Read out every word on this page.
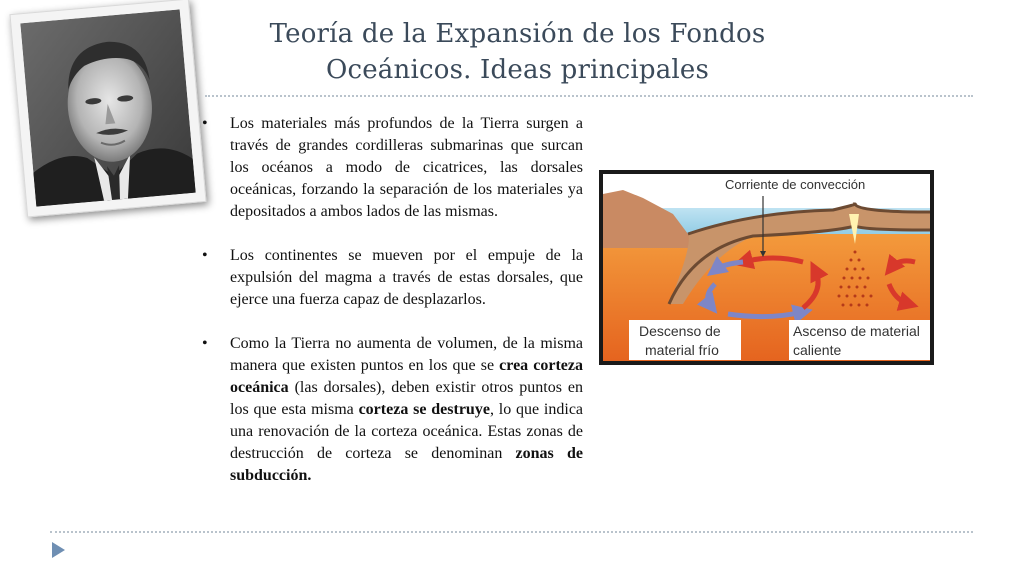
Teoría de la Expansión de los Fondos
Oceánicos. Ideas principales
• Los materiales más profundos de la Tierra surgen a través de grandes cordilleras submarinas que surcan los océanos a modo de cicatrices, las dorsales oceánicas, forzando la separación de los materiales ya depositados a ambos lados de las mismas.
• Los continentes se mueven por el empuje de la expulsión del magma a través de estas dorsales, que ejerce una fuerza capaz de desplazarlos.
• Como la Tierra no aumenta de volumen, de la misma manera que existen puntos en los que se crea corteza oceánica (las dorsales), deben existir otros puntos en los que esta misma corteza se destruye, lo que indica una renovación de la corteza oceánica. Estas zonas de destrucción de corteza se denominan zonas de subducción.
Corriente de convección
Descenso de
material frío
Ascenso de material
caliente
